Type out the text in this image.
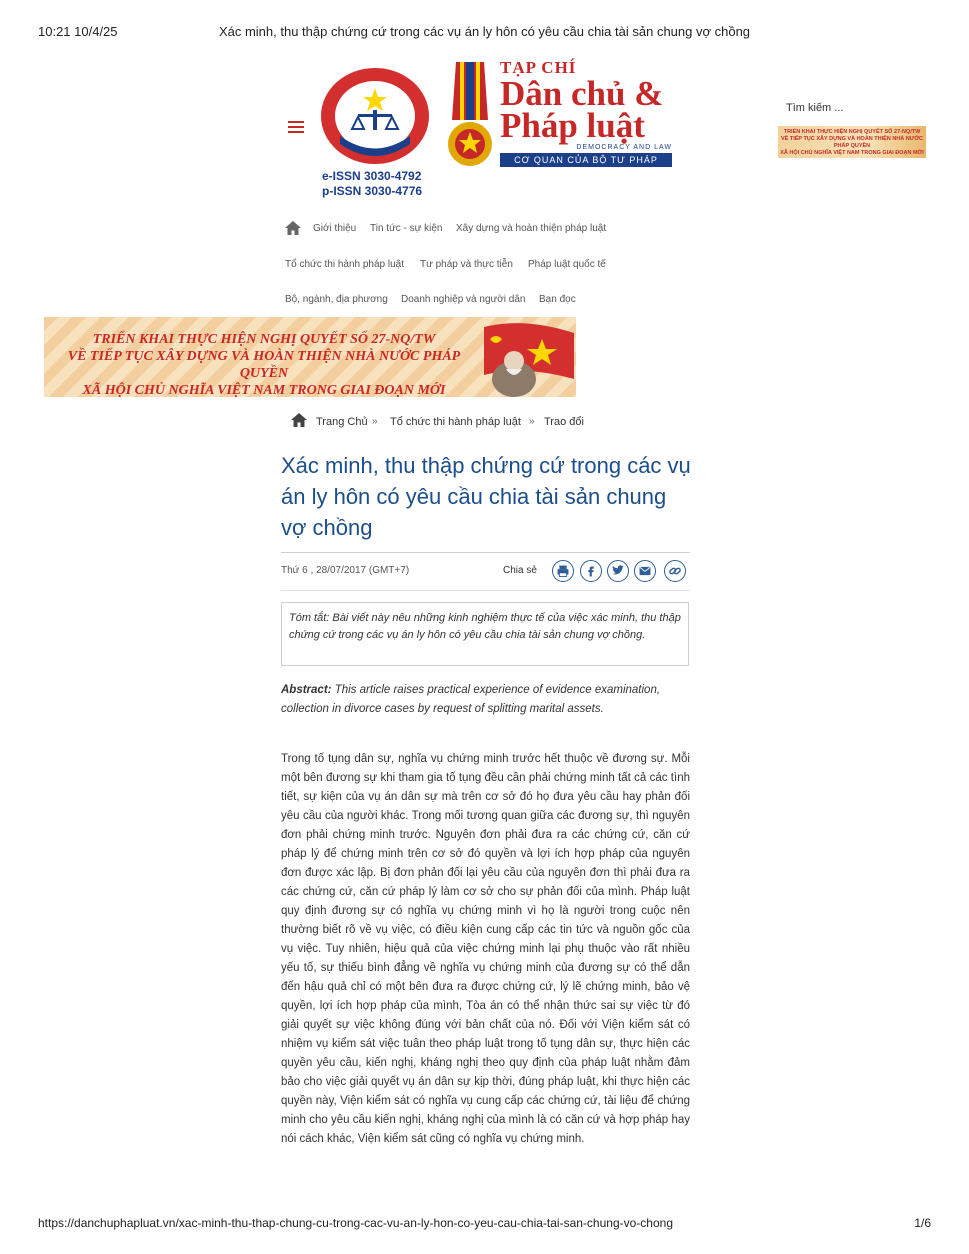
10:21 10/4/25	Xác minh, thu thập chứng cứ trong các vụ án ly hôn có yêu cầu chia tài sản chung vợ chồng
e-ISSN 3030-4792
p-ISSN 3030-4776
TẠP CHÍ
Dân chủ &
Pháp luật
DEMOCRACY AND LAW
CƠ QUAN CỦA BỘ TƯ PHÁP
Tìm kiếm ...
TRIỂN KHAI THỰC HIỆN NGHỊ QUYẾT SỐ 27-NQ/TW
VỀ TIẾP TỤC XÂY DỰNG VÀ HOÀN THIỆN NHÀ NƯỚC PHÁP QUYỀN
XÃ HỘI CHỦ NGHĨA VIỆT NAM TRONG GIAI ĐOẠN MỚI
Giới thiệu Tin tức - sự kiện Xây dựng và hoàn thiện pháp luật
Tổ chức thi hành pháp luật Tư pháp và thực tiễn Pháp luật quốc tế
Bộ, ngành, địa phương Doanh nghiệp và người dân Bạn đọc
TRIỂN KHAI THỰC HIỆN NGHỊ QUYẾT SỐ 27-NQ/TW
VỀ TIẾP TỤC XÂY DỰNG VÀ HOÀN THIỆN NHÀ NƯỚC PHÁP QUYỀN
XÃ HỘI CHỦ NGHĨA VIỆT NAM TRONG GIAI ĐOẠN MỚI
Trang Chủ » Tổ chức thi hành pháp luật » Trao đổi
Xác minh, thu thập chứng cứ trong các vụ án ly hôn có yêu cầu chia tài sản chung vợ chồng
Thứ 6 , 28/07/2017 (GMT+7)	Chia sẻ
Tóm tắt: Bài viết này nêu những kinh nghiệm thực tế của việc xác minh, thu thập chứng cứ trong các vụ án ly hôn có yêu cầu chia tài sản chung vợ chồng.
Abstract: This article raises practical experience of evidence examination, collection in divorce cases by request of splitting marital assets.
Trong tố tụng dân sự, nghĩa vụ chứng minh trước hết thuộc về đương sự. Mỗi một bên đương sự khi tham gia tố tụng đều cần phải chứng minh tất cả các tình tiết, sự kiện của vụ án dân sự mà trên cơ sở đó họ đưa yêu cầu hay phản đối yêu cầu của người khác. Trong mối tương quan giữa các đương sự, thì nguyên đơn phải chứng minh trước. Nguyên đơn phải đưa ra các chứng cứ, căn cứ pháp lý để chứng minh trên cơ sở đó quyền và lợi ích hợp pháp của nguyên đơn được xác lập. Bị đơn phản đối lại yêu cầu của nguyên đơn thì phải đưa ra các chứng cứ, căn cứ pháp lý làm cơ sở cho sự phản đối của mình. Pháp luật quy định đương sự có nghĩa vụ chứng minh vì họ là người trong cuộc nên thường biết rõ về vụ việc, có điều kiện cung cấp các tin tức và nguồn gốc của vụ việc. Tuy nhiên, hiệu quả của việc chứng minh lại phụ thuộc vào rất nhiều yếu tố, sự thiếu bình đẳng về nghĩa vụ chứng minh của đương sự có thể dẫn đến hậu quả chỉ có một bên đưa ra được chứng cứ, lý lẽ chứng minh, bảo vệ quyền, lợi ích hợp pháp của mình, Tòa án có thể nhận thức sai sự việc từ đó giải quyết sự việc không đúng với bản chất của nó. Đối với Viện kiểm sát có nhiệm vụ kiểm sát việc tuân theo pháp luật trong tố tụng dân sự, thực hiện các quyền yêu cầu, kiến nghị, kháng nghị theo quy định của pháp luật nhằm đảm bảo cho việc giải quyết vụ án dân sự kịp thời, đúng pháp luật, khi thực hiện các quyền này, Viện kiểm sát có nghĩa vụ cung cấp các chứng cứ, tài liệu để chứng minh cho yêu cầu kiến nghị, kháng nghị của mình là có căn cứ và hợp pháp hay nói cách khác, Viện kiểm sát cũng có nghĩa vụ chứng minh.
https://danchuphapluat.vn/xac-minh-thu-thap-chung-cu-trong-cac-vu-an-ly-hon-co-yeu-cau-chia-tai-san-chung-vo-chong	1/6
